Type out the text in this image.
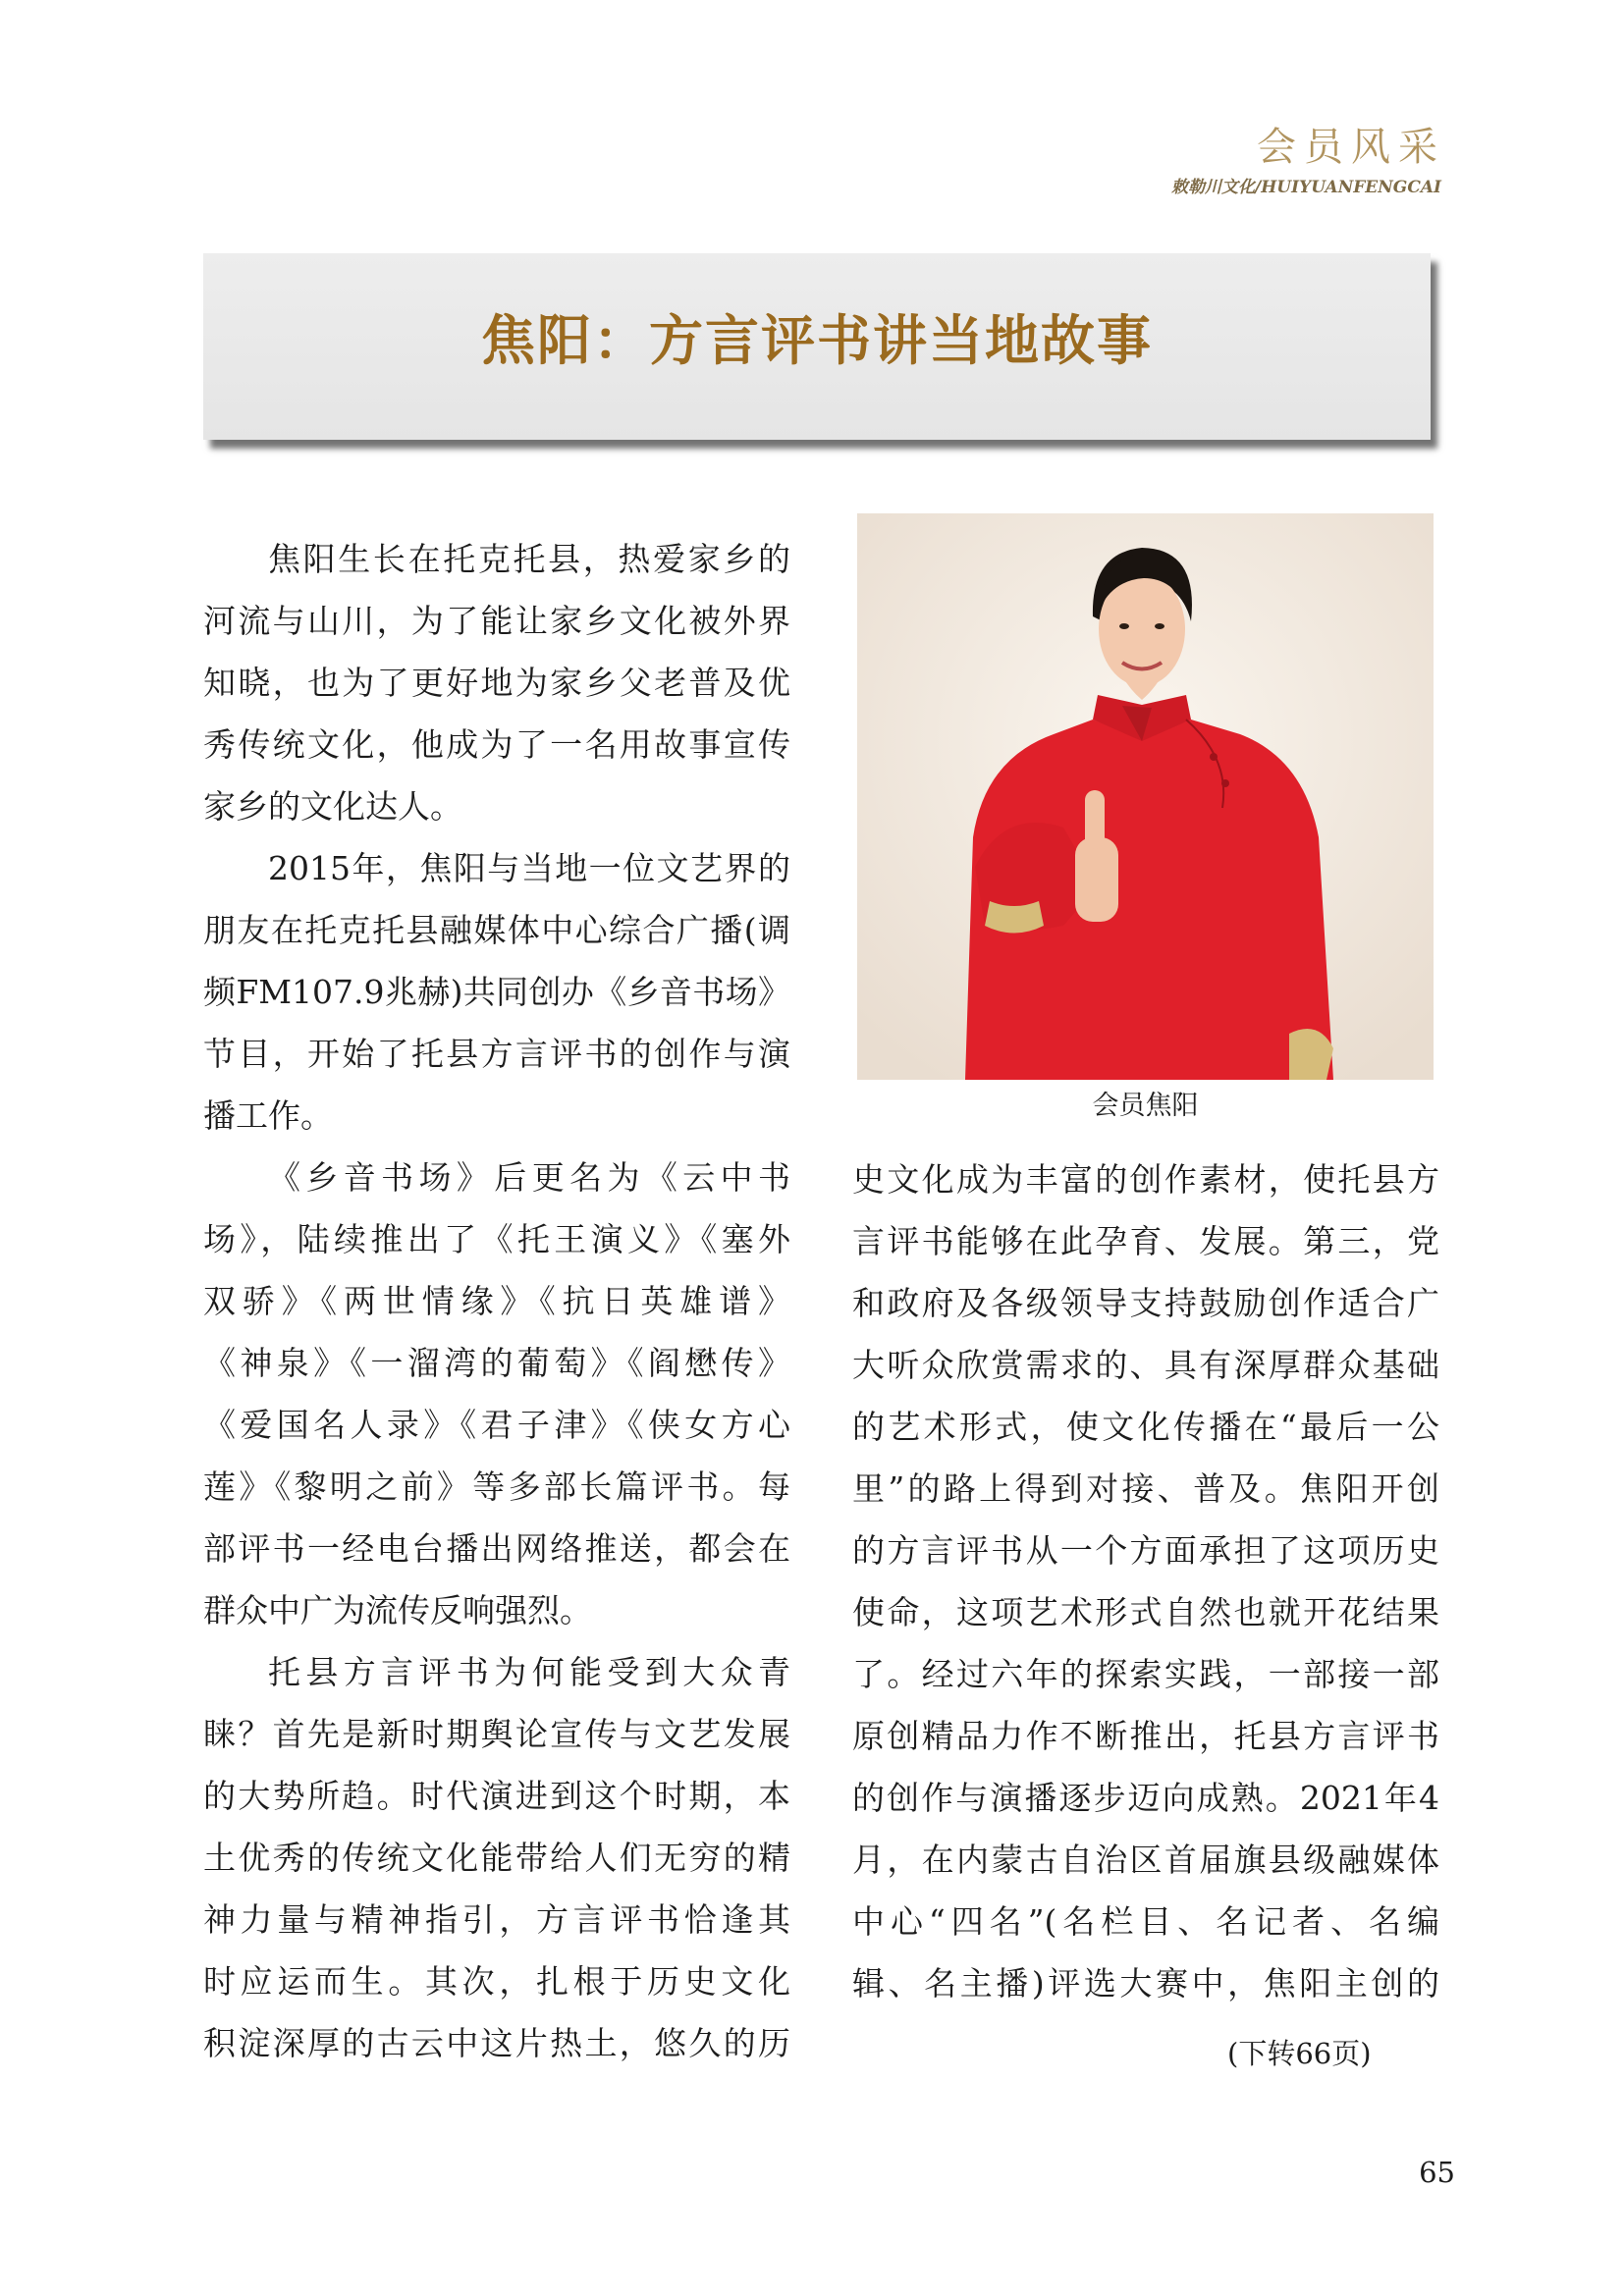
会员风采
敕勒川文化/HUIYUANFENGCAI
焦阳：方言评书讲当地故事

焦阳生长在托克托县，热爱家乡的

河流与山川，为了能让家乡文化被外界

知晓，也为了更好地为家乡父老普及优

秀传统文化，他成为了一名用故事宣传

家乡的文化达人。

2015年，焦阳与当地一位文艺界的

朋友在托克托县融媒体中心综合广播(调

频FM107.9兆赫)共同创办《乡音书场》

节目，开始了托县方言评书的创作与演

播工作。

《乡音书场》后更名为《云中书

场》，陆续推出了《托王演义》《塞外

双骄》《两世情缘》《抗日英雄谱》

《神泉》《一溜湾的葡萄》《阎懋传》

《爱国名人录》《君子津》《侠女方心

莲》《黎明之前》等多部长篇评书。每

部评书一经电台播出网络推送，都会在

群众中广为流传反响强烈。

托县方言评书为何能受到大众青

睐？首先是新时期舆论宣传与文艺发展

的大势所趋。时代演进到这个时期，本

土优秀的传统文化能带给人们无穷的精

神力量与精神指引，方言评书恰逢其

时应运而生。其次，扎根于历史文化

积淀深厚的古云中这片热土，悠久的历

会员焦阳

史文化成为丰富的创作素材，使托县方

言评书能够在此孕育、发展。第三，党

和政府及各级领导支持鼓励创作适合广

大听众欣赏需求的、具有深厚群众基础

的艺术形式，使文化传播在“最后一公

里”的路上得到对接、普及。焦阳开创

的方言评书从一个方面承担了这项历史

使命，这项艺术形式自然也就开花结果

了。经过六年的探索实践，一部接一部

原创精品力作不断推出，托县方言评书

的创作与演播逐步迈向成熟。2021年4

月，在内蒙古自治区首届旗县级融媒体

中心“四名”(名栏目、名记者、名编

辑、名主播)评选大赛中，焦阳主创的

(下转66页)
65
